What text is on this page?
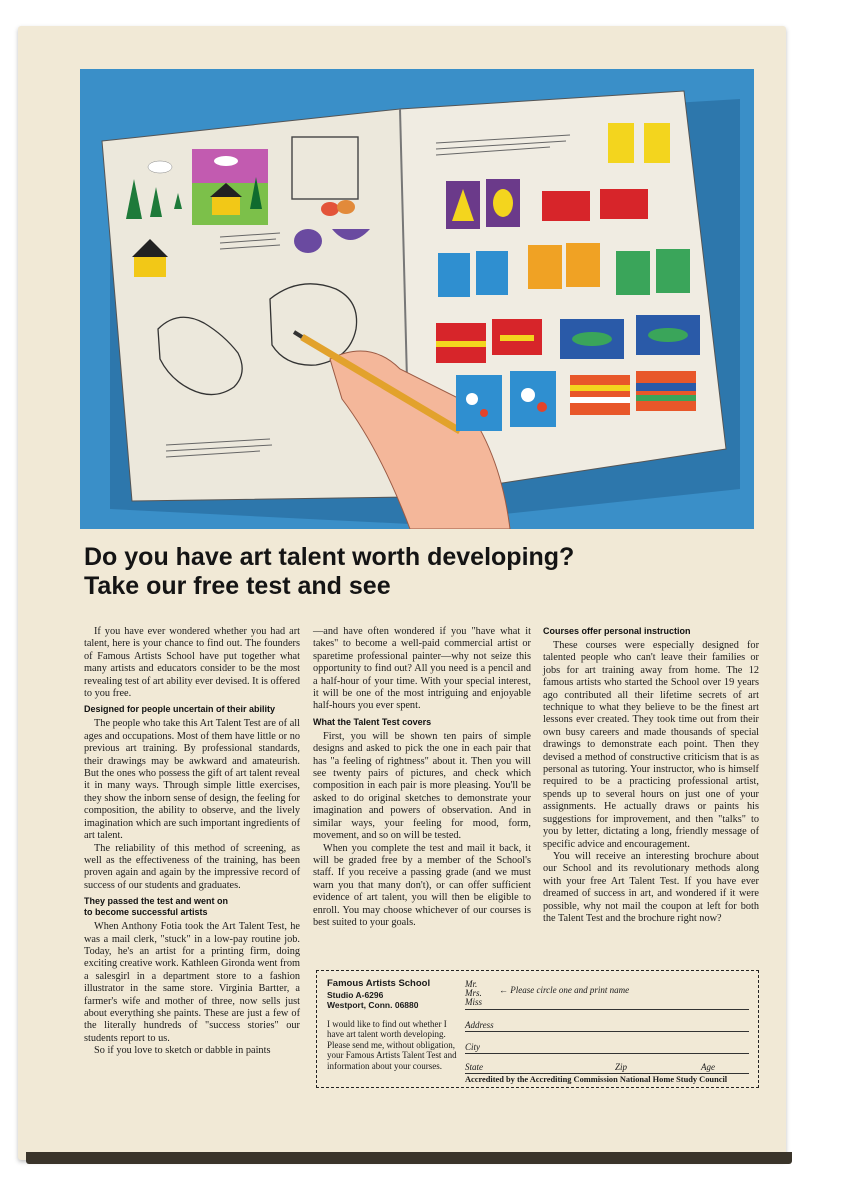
Do you have art talent worth developing?
Take our free test and see

If you have ever wondered whether you had art talent, here is your chance to find out. The founders of Famous Artists School have put together what many artists and educators consider to be the most revealing test of art ability ever devised. It is offered to you free.

Designed for people uncertain of their ability

The people who take this Art Talent Test are of all ages and occupations. Most of them have little or no previous art training. By professional standards, their drawings may be awkward and amateurish. But the ones who possess the gift of art talent reveal it in many ways. Through simple little exercises, they show the inborn sense of design, the feeling for composition, the ability to observe, and the lively imagination which are such important ingredients of art talent.

The reliability of this method of screening, as well as the effectiveness of the training, has been proven again and again by the impressive record of success of our students and graduates.

They passed the test and went on
to become successful artists

When Anthony Fotia took the Art Talent Test, he was a mail clerk, "stuck" in a low-pay routine job. Today, he's an artist for a printing firm, doing exciting creative work. Kathleen Gironda went from a salesgirl in a department store to a fashion illustrator in the same store. Virginia Bartter, a farmer's wife and mother of three, now sells just about everything she paints. These are just a few of the literally hundreds of "success stories" our students report to us.

So if you love to sketch or dabble in paints

—and have often wondered if you "have what it takes" to become a well-paid commercial artist or sparetime professional painter—why not seize this opportunity to find out? All you need is a pencil and a half-hour of your time. With your special interest, it will be one of the most intriguing and enjoyable half-hours you ever spent.

What the Talent Test covers

First, you will be shown ten pairs of simple designs and asked to pick the one in each pair that has "a feeling of rightness" about it. Then you will see twenty pairs of pictures, and check which composition in each pair is more pleasing. You'll be asked to do original sketches to demonstrate your imagination and powers of observation. And in similar ways, your feeling for mood, form, movement, and so on will be tested.

When you complete the test and mail it back, it will be graded free by a member of the School's staff. If you receive a passing grade (and we must warn you that many don't), or can offer sufficient evidence of art talent, you will then be eligible to enroll. You may choose whichever of our courses is best suited to your goals.

Courses offer personal instruction

These courses were especially designed for talented people who can't leave their families or jobs for art training away from home. The 12 famous artists who started the School over 19 years ago contributed all their lifetime secrets of art technique to what they believe to be the finest art lessons ever created. They took time out from their own busy careers and made thousands of special drawings to demonstrate each point. Then they devised a method of constructive criticism that is as personal as tutoring. Your instructor, who is himself required to be a practicing professional artist, spends up to several hours on just one of your assignments. He actually draws or paints his suggestions for improvement, and then "talks" to you by letter, dictating a long, friendly message of specific advice and encouragement.

You will receive an interesting brochure about our School and its revolutionary methods along with your free Art Talent Test. If you have ever dreamed of success in art, and wondered if it were possible, why not mail the coupon at left for both the Talent Test and the brochure right now?

Famous Artists School
Studio A-6296
Westport, Conn. 06880
I would like to find out whether I have art talent worth developing. Please send me, without obligation, your Famous Artists Talent Test and information about your courses.
Mr. Mrs. Miss
← Please circle one and print name
Address
City
State	Zip	Age
Accredited by the Accrediting Commission National Home Study Council
